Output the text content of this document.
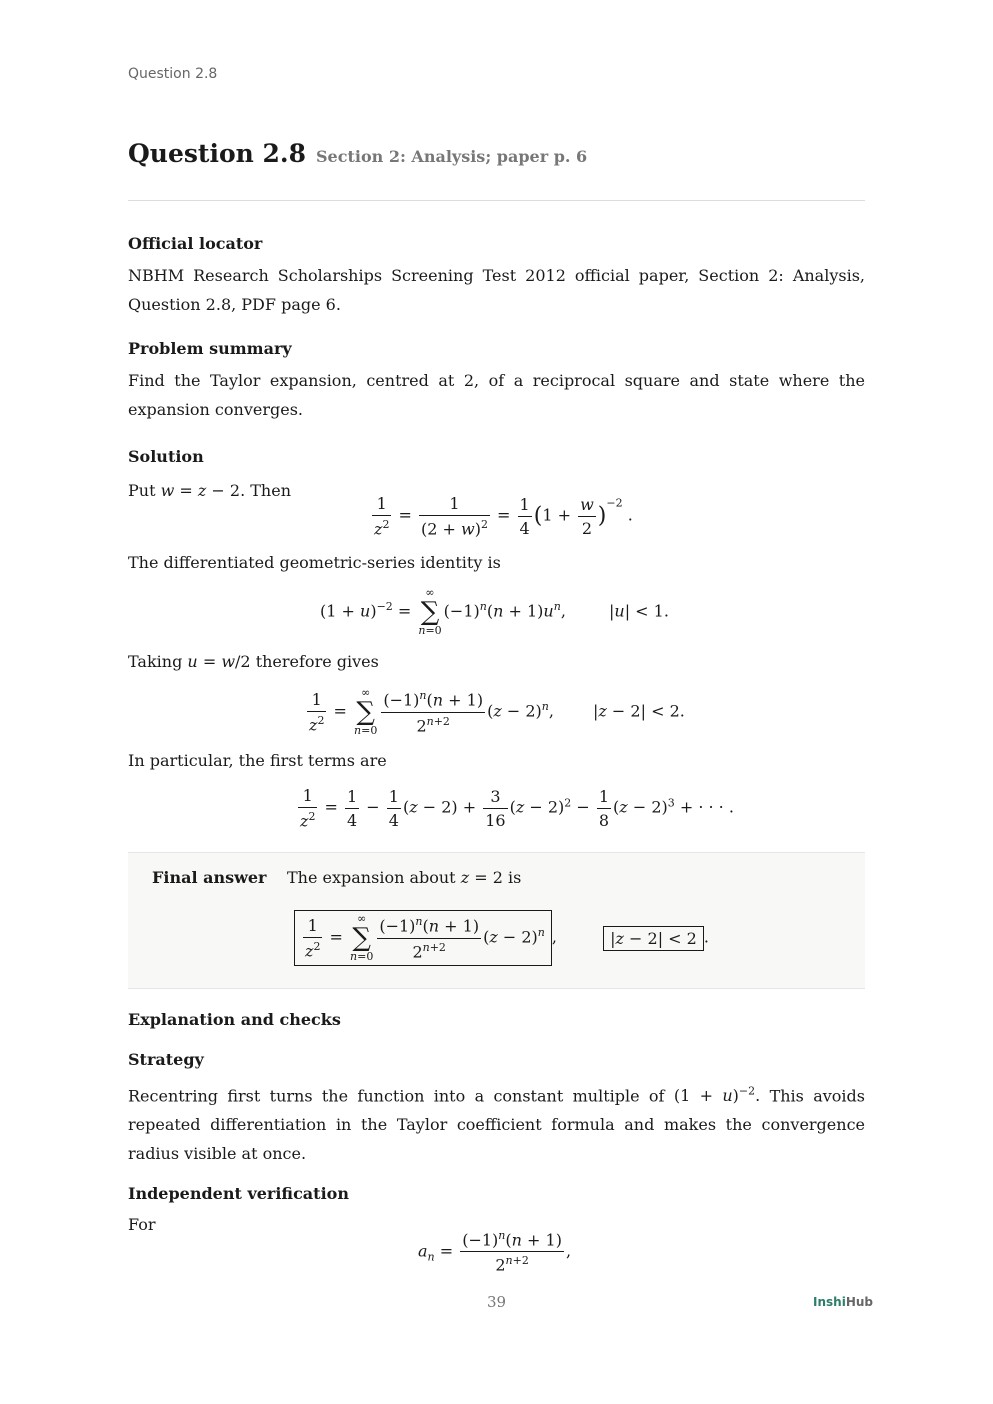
Question 2.8
Question 2.8 Section 2: Analysis; paper p. 6
Official locator
NBHM Research Scholarships Screening Test 2012 official paper, Section 2: Analysis, Question 2.8, PDF page 6.
Problem summary
Find the Taylor expansion, centred at 2, of a reciprocal square and state where the expansion converges.
Solution
Put w = z − 2. Then
$\frac{1}{z^2} = \frac{1}{(2 + w)^2} = \frac{1}{4} (1 + \frac{w}{2} )^{-2}$ .
The differentiated geometric-series identity is
$(1 + u)^{-2}$ =
∞
∑
n=0
$(-1)^n(n + 1)u^n$, |u| < 1.
Taking u = w/2 therefore gives
$\frac{1}{z^2}$ =
∞
∑
$n=0 \frac{(-1)^n(n + 1)}{2^{n+2}} (z - 2)^n$, |z − 2| < 2.
In particular, the first terms are
$\frac{1}{z^2} = \frac{1}{4} - \frac{1}{4} (z - 2) + \frac{3}{16} (z - 2)^2 - \frac{1}{8} (z - 2)^3$ + · · · .
Final answer The expansion about z = 2 is
$\frac{1}{z^2}$ =
∞
∑
$n=0 \frac{(-1)^n(n + 1)}{2^{n+2}} (z - 2)^n$ ,	|z − 2| < 2 .
Explanation and checks
Strategy
Recentring first turns the function into a constant multiple of $(1 + u)^{-2}$. This avoids repeated differentiation in the Taylor coefficient formula and makes the convergence radius visible at once.
Independent verification
For
$a_n = \frac{(-1)^n(n + 1)}{2^{n+2}}$ ,
39	InshiHub
